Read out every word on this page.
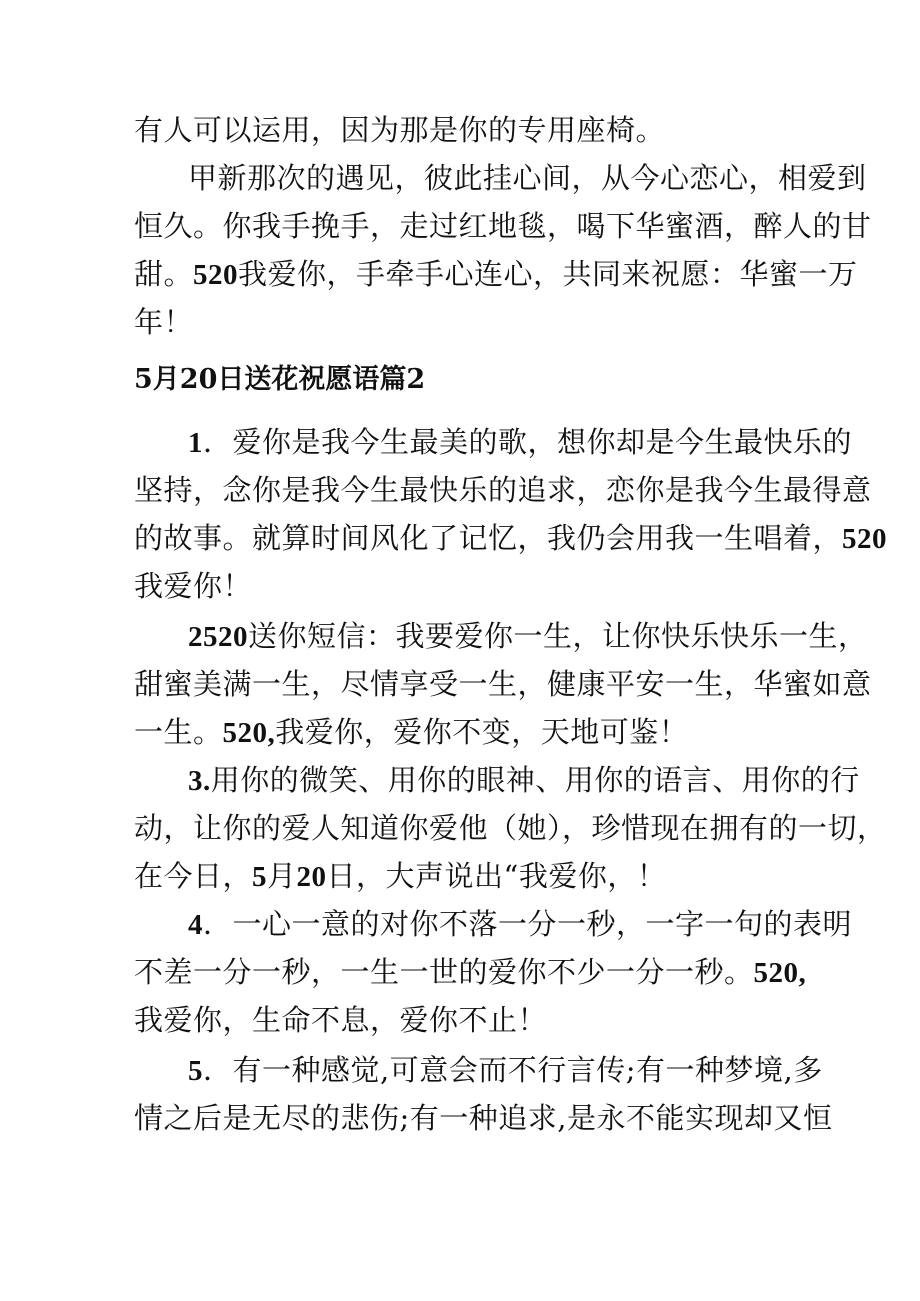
有人可以运用，因为那是你的专用座椅。
甲新那次的遇见，彼此挂心间，从今心恋心，相爱到
恒久。你我手挽手，走过红地毯，喝下华蜜酒，醉人的甘
甜。520我爱你，手牵手心连心，共同来祝愿：华蜜一万
年！
5月20日送花祝愿语篇2
1．爱你是我今生最美的歌，想你却是今生最快乐的
坚持，念你是我今生最快乐的追求，恋你是我今生最得意
的故事。就算时间风化了记忆，我仍会用我一生唱着，520
我爱你！
2520送你短信：我要爱你一生，让你快乐快乐一生，
甜蜜美满一生，尽情享受一生，健康平安一生，华蜜如意
一生。520,我爱你，爱你不变，天地可鉴！
3.用你的微笑、用你的眼神、用你的语言、用你的行
动，让你的爱人知道你爱他（她），珍惜现在拥有的一切，
在今日，5月20日，大声说出“我爱你，！
4．一心一意的对你不落一分一秒，一字一句的表明
不差一分一秒，一生一世的爱你不少一分一秒。520,
我爱你，生命不息，爱你不止！
5．有一种感觉,可意会而不行言传;有一种梦境,多
情之后是无尽的悲伤;有一种追求,是永不能实现却又恒
